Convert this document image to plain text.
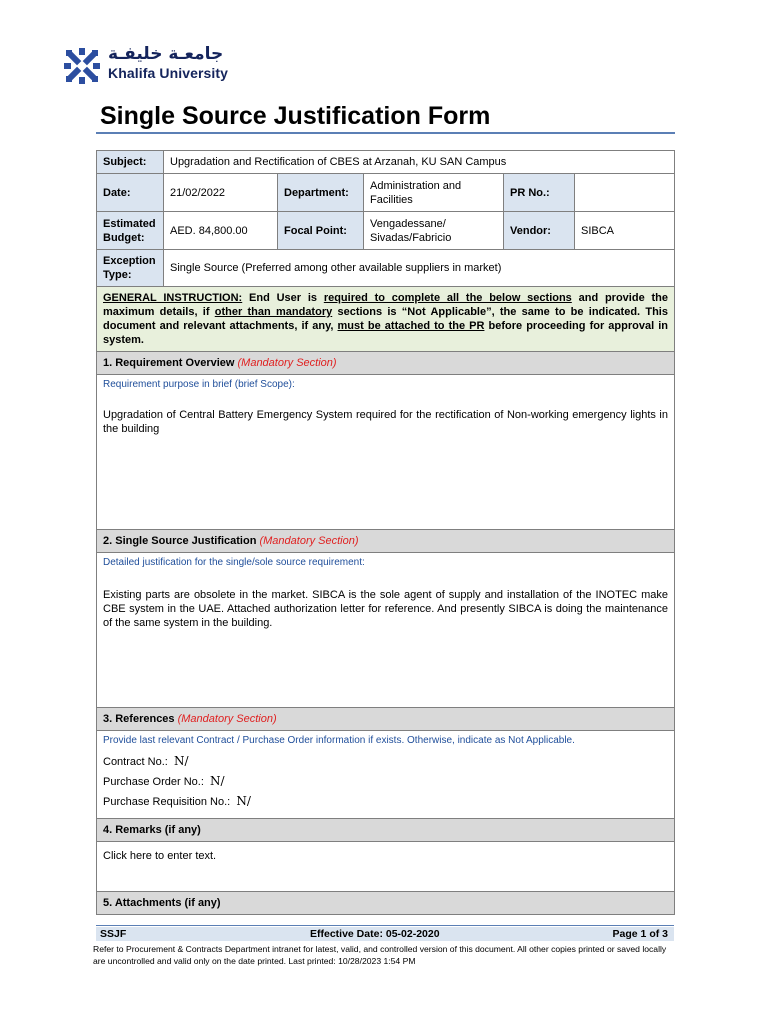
جامعـة خليفـة
Khalifa University
Single Source Justification Form
Subject:	Upgradation and Rectification of CBES at Arzanah, KU SAN Campus				
Date:	21/02/2022	Department:	Administration and Facilities	PR No.:	
Estimated Budget:	AED. 84,800.00	Focal Point:	Vengadessane/ Sivadas/Fabricio	Vendor:	SIBCA
Exception Type:	Single Source (Preferred among other available suppliers in market)				
GENERAL INSTRUCTION: End User is required to complete all the below sections and provide the maximum details, if other than mandatory sections is “Not Applicable”, the same to be indicated. This document and relevant attachments, if any, must be attached to the PR before proceeding for approval in system.					
1. Requirement Overview (Mandatory Section)					

Requirement purpose in brief (brief Scope):
Upgradation of Central Battery Emergency System required for the rectification of Non-working emergency lights in the building					

2. Single Source Justification (Mandatory Section)					

Detailed justification for the single/sole source requirement:
Existing parts are obsolete in the market. SIBCA is the sole agent of supply and installation of the INOTEC make CBE system in the UAE. Attached authorization letter for reference. And presently SIBCA is doing the maintenance of the same system in the building.					

3. References (Mandatory Section)					

Provide last relevant Contract / Purchase Order information if exists. Otherwise, indicate as Not Applicable.
Contract No.: N/
Purchase Order No.: N/
Purchase Requisition No.: N/					

4. Remarks (if any)					
Click here to enter text.					
5. Attachments (if any)					
SSJF	Effective Date: 05-02-2020	Page 1 of 3
Refer to Procurement & Contracts Department intranet for latest, valid, and controlled version of this document. All other copies printed or saved locally are uncontrolled and valid only on the date printed. Last printed: 10/28/2023 1:54 PM
